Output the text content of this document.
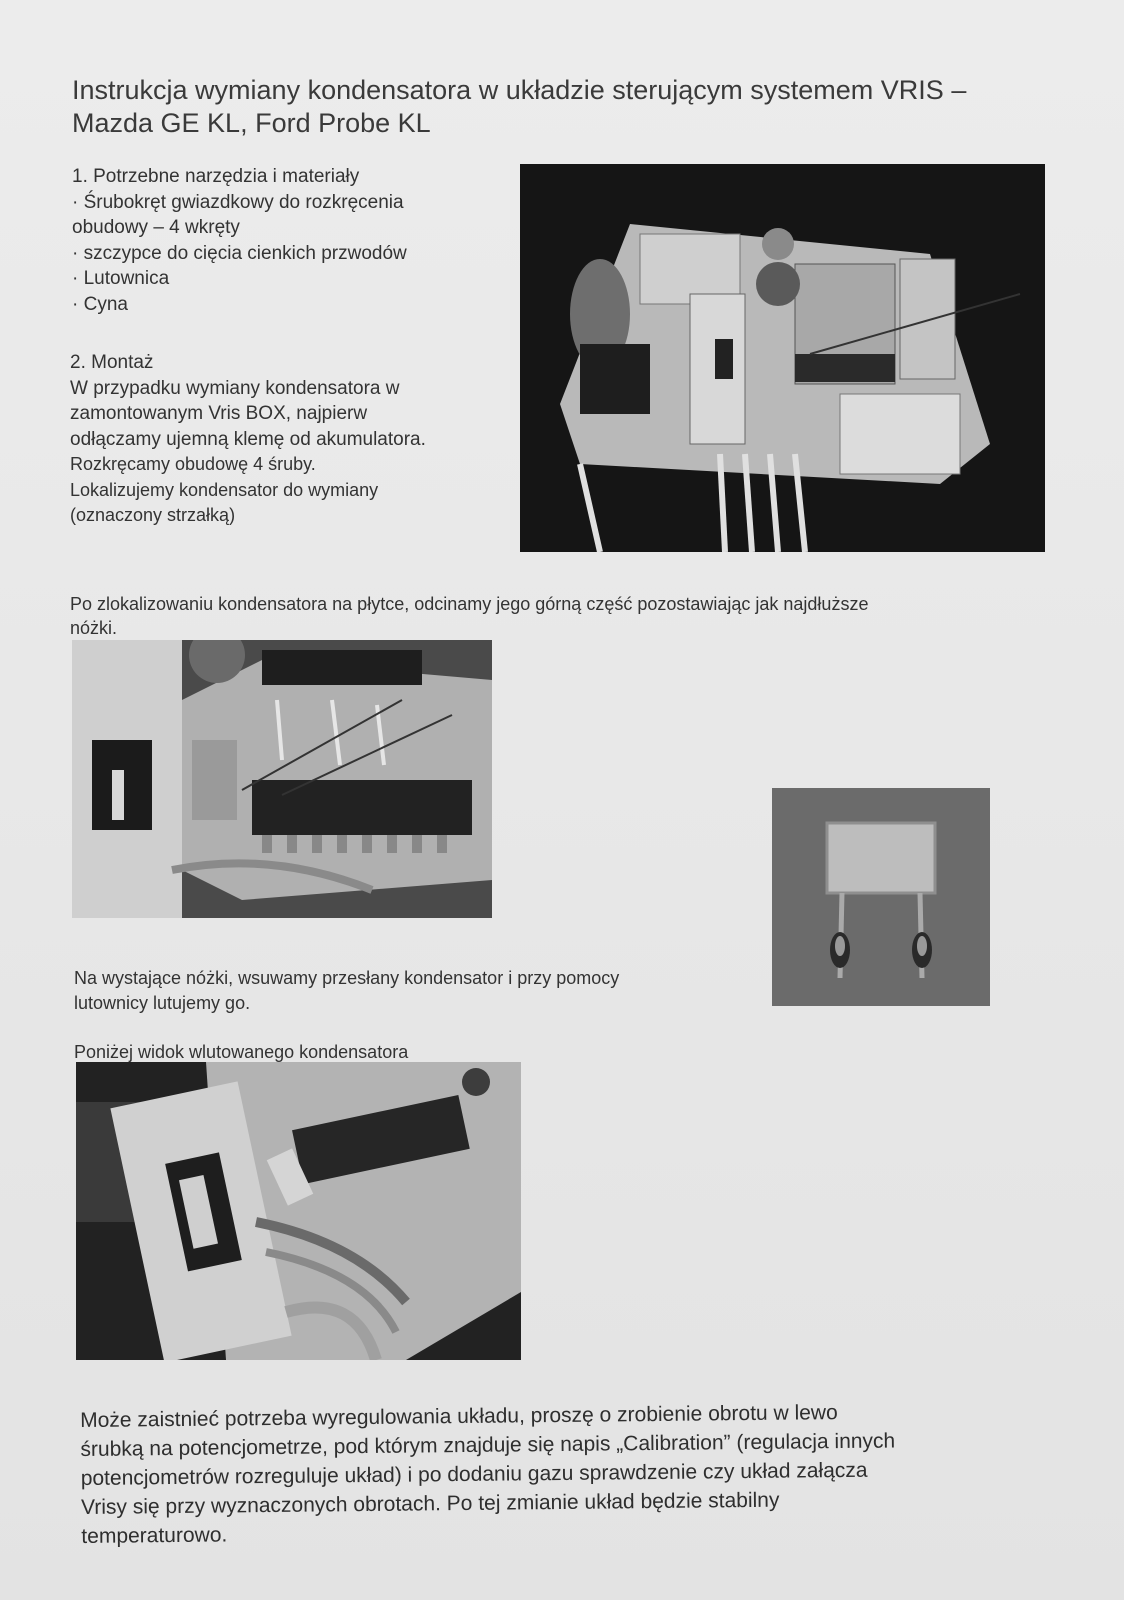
Instrukcja wymiany kondensatora w układzie sterującym systemem VRIS –
Mazda GE KL, Ford Probe KL
1. Potrzebne narzędzia i materiały
· Śrubokręt gwiazdkowy do rozkręcenia
obudowy – 4 wkręty
· szczypce do cięcia cienkich przwodów
· Lutownica
· Cyna
2. Montaż
W przypadku wymiany kondensatora w
zamontowanym Vris BOX, najpierw
odłączamy ujemną klemę od akumulatora.
Rozkręcamy obudowę 4 śruby.
Lokalizujemy kondensator do wymiany
(oznaczony strzałką)
Po zlokalizowaniu kondensatora na płytce, odcinamy jego górną część pozostawiając jak najdłuższe
nóżki.
Na wystające nóżki, wsuwamy przesłany kondensator i przy pomocy
lutownicy lutujemy go.
Poniżej widok wlutowanego kondensatora
Może zaistnieć potrzeba wyregulowania układu, proszę o zrobienie obrotu w lewo
śrubką na potencjometrze, pod którym znajduje się napis „Calibration” (regulacja innych
potencjometrów rozreguluje układ) i po dodaniu gazu sprawdzenie czy układ załącza
Vrisy się przy wyznaczonych obrotach. Po tej zmianie układ będzie stabilny
temperaturowo.
